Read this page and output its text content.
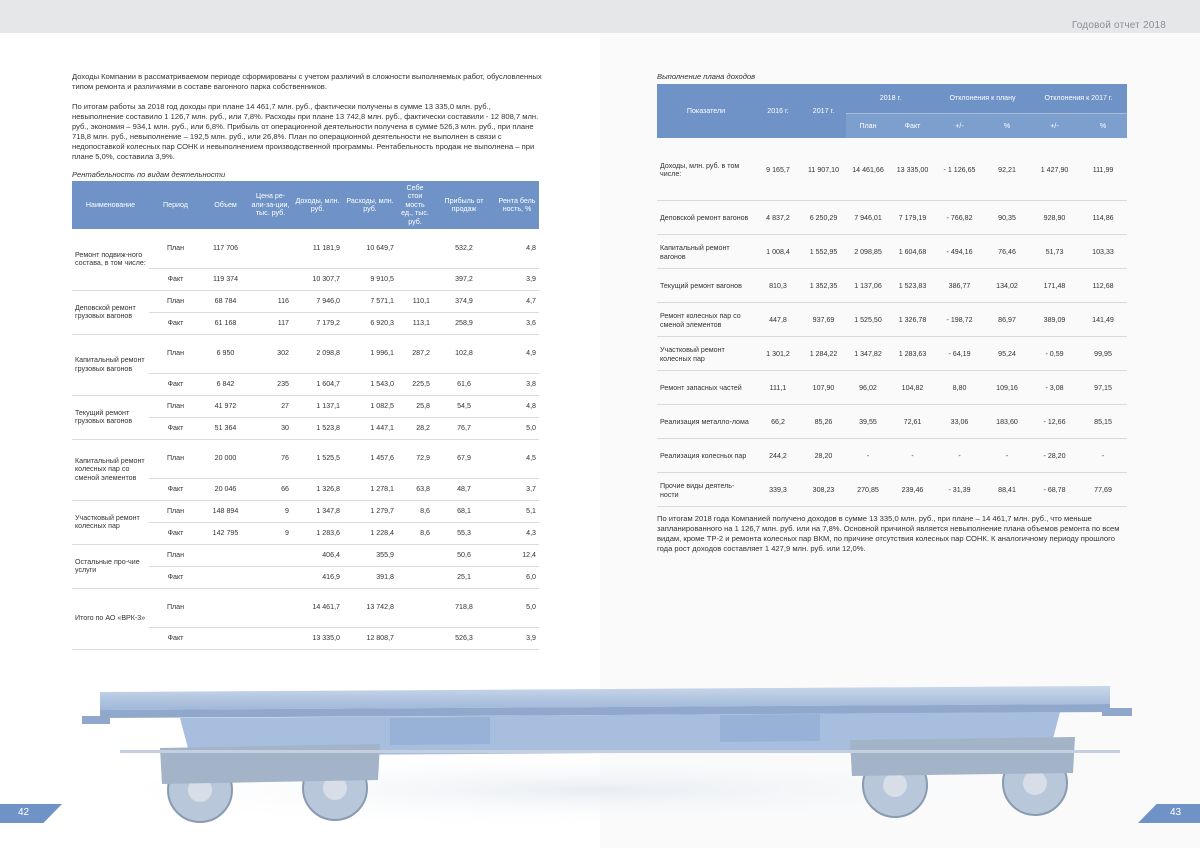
Годовой отчет 2018
Доходы Компании в рассматриваемом периоде сформированы с учетом различий в сложности выполняемых работ, обусловленных типом ремонта и различиями в составе вагонного парка собственников.
По итогам работы за 2018 год доходы при плане 14 461,7 млн. руб., фактически получены в сумме 13 335,0 млн. руб., невыполнение составило 1 126,7 млн. руб., или 7,8%. Расходы при плане 13 742,8 млн. руб., фактически составили - 12 808,7 млн. руб., экономия – 934,1 млн. руб., или 6,8%. Прибыль от операционной деятельности получена в сумме 526,3 млн. руб., при плане 718,8 млн. руб., невыполнение – 192,5 млн. руб., или 26,8%. План по операционной деятельности не выполнен в связи с недопоставкой колесных пар СОНК и невыполнением производственной программы. Рентабельность продаж не выполнена – при плане 5,0%, составила 3,9%.
Рентабельность по видам деятельности
Наименование	Период	Объем	Цена ре-али-за-ции, тыс. руб.	Доходы, млн. руб.	Расходы, млн. руб.	Себе стои мость ед., тыс. руб.	Прибыль от продаж	Рента бель ность, %
Ремонт подвиж-ного состава, в том числе:	План	117 706		11 181,9	10 649,7		532,2	4,8
	Факт	119 374		10 307,7	9 910,5		397,2	3,9
Деповской ремонт грузовых вагонов	План	68 784	116	7 946,0	7 571,1	110,1	374,9	4,7
	Факт	61 168	117	7 179,2	6 920,3	113,1	258,9	3,6
Капитальный ремонт грузовых вагонов	План	6 950	302	2 098,8	1 996,1	287,2	102,8	4,9
	Факт	6 842	235	1 604,7	1 543,0	225,5	61,6	3,8
Текущий ремонт грузовых вагонов	План	41 972	27	1 137,1	1 082,5	25,8	54,5	4,8
	Факт	51 364	30	1 523,8	1 447,1	28,2	76,7	5,0
Капитальный ремонт колесных пар со сменой элементов	План	20 000	76	1 525,5	1 457,6	72,9	67,9	4,5
	Факт	20 046	66	1 326,8	1 278,1	63,8	48,7	3,7
Участковый ремонт колесных пар	План	148 894	9	1 347,8	1 279,7	8,6	68,1	5,1
	Факт	142 795	9	1 283,6	1 228,4	8,6	55,3	4,3
Остальные про-чие услуги	План			406,4	355,9		50,6	12,4
	Факт			416,9	391,8		25,1	6,0
Итого по АО «ВРК-3»	План			14 461,7	13 742,8		718,8	5,0
	Факт			13 335,0	12 808,7		526,3	3,9
Выполнение плана доходов
Показатели	2016 г.	2017 г.	2018 г.		Отклонения к плану		Отклонения к 2017 г.	
			План	Факт	+/-	%	+/-	%
Доходы, млн. руб. в том числе:	9 165,7	11 907,10	14 461,66	13 335,00	- 1 126,65	92,21	1 427,90	111,99
Деповской ремонт вагонов	4 837,2	6 250,29	7 946,01	7 179,19	- 766,82	90,35	928,90	114,86
Капитальный ремонт вагонов	1 008,4	1 552,95	2 098,85	1 604,68	- 494,16	76,46	51,73	103,33
Текущий ремонт вагонов	810,3	1 352,35	1 137,06	1 523,83	386,77	134,02	171,48	112,68
Ремонт колесных пар со сменой элементов	447,8	937,69	1 525,50	1 326,78	- 198,72	86,97	389,09	141,49
Участковый ремонт колесных пар	1 301,2	1 284,22	1 347,82	1 283,63	- 64,19	95,24	- 0,59	99,95
Ремонт запасных частей	111,1	107,90	96,02	104,82	8,80	109,16	- 3,08	97,15
Реализация металло-лома	66,2	85,26	39,55	72,61	33,06	183,60	- 12,66	85,15
Реализация колесных пар	244,2	28,20	-	-	-	-	- 28,20	-
Прочие виды деятель-ности	339,3	308,23	270,85	239,46	- 31,39	88,41	- 68,78	77,69
По итогам 2018 года Компанией получено доходов в сумме 13 335,0 млн. руб., при плане – 14 461,7 млн. руб., что меньше запланированного на 1 126,7 млн. руб. или на 7,8%. Основной причиной является невыполнение плана объемов ремонта по всем видам, кроме ТР-2 и ремонта колесных пар ВКМ, по причине отсутствия колесных пар СОНК. К аналогичному периоду прошлого года рост доходов составляет 1 427,9 млн. руб. или 12,0%.
42	43
